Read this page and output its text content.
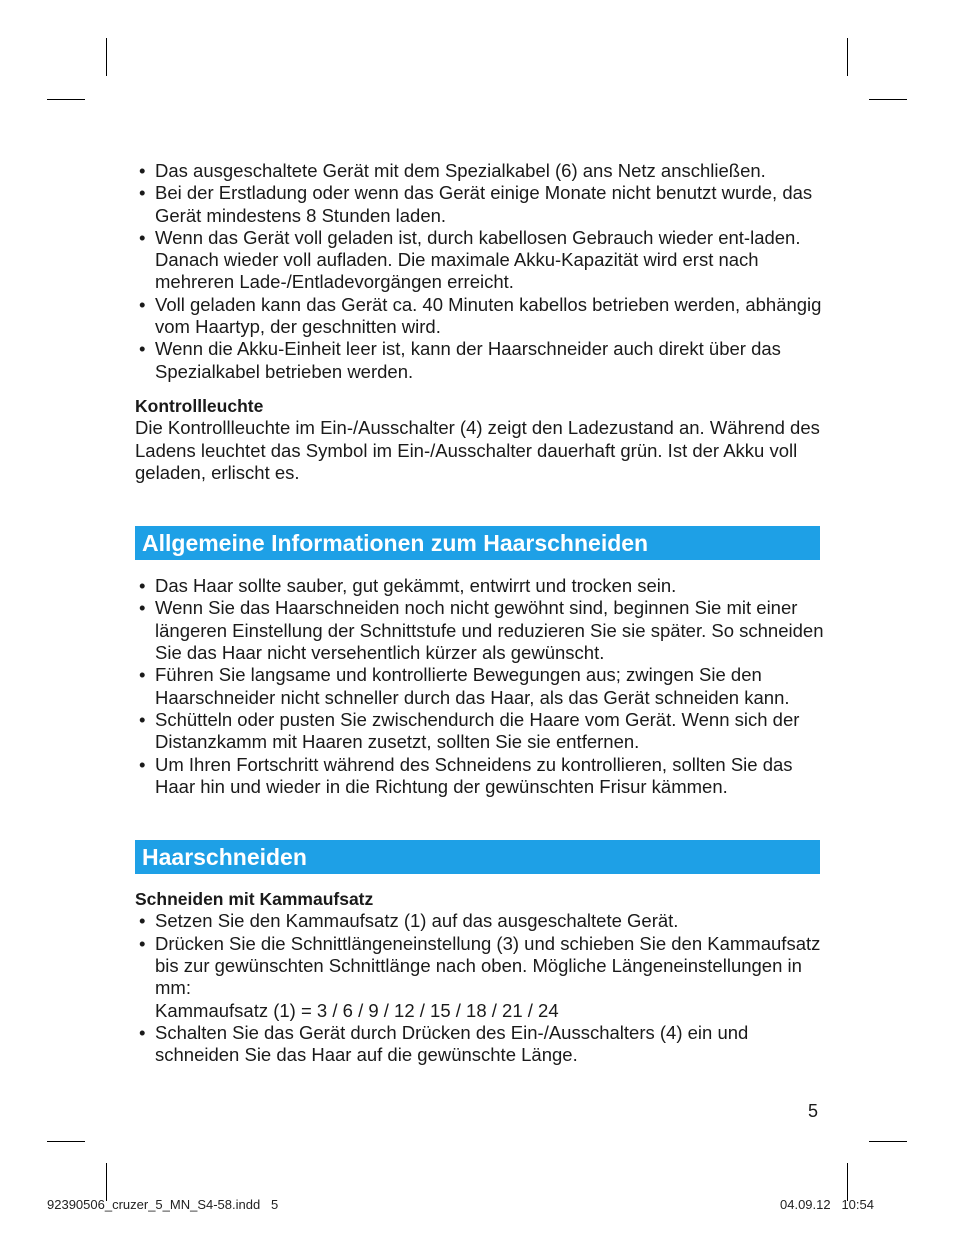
• Das ausgeschaltete Gerät mit dem Spezialkabel (6) ans Netz anschließen.
• Bei der Erstladung oder wenn das Gerät einige Monate nicht benutzt wurde, das Gerät mindestens 8 Stunden laden.
• Wenn das Gerät voll geladen ist, durch kabellosen Gebrauch wieder ent-laden. Danach wieder voll aufladen. Die maximale Akku-Kapazität wird erst nach mehreren Lade-/Entladevorgängen erreicht.
• Voll geladen kann das Gerät ca. 40 Minuten kabellos betrieben werden, abhängig vom Haartyp, der geschnitten wird.
• Wenn die Akku-Einheit leer ist, kann der Haarschneider auch direkt über das Spezialkabel betrieben werden.
Kontrollleuchte

Die Kontrollleuchte im Ein-/Ausschalter (4) zeigt den Ladezustand an. Während des Ladens leuchtet das Symbol im Ein-/Ausschalter dauerhaft grün. Ist der Akku voll geladen, erlischt es.

Allgemeine Informationen zum Haarschneiden
• Das Haar sollte sauber, gut gekämmt, entwirrt und trocken sein.
• Wenn Sie das Haarschneiden noch nicht gewöhnt sind, beginnen Sie mit einer längeren Einstellung der Schnittstufe und reduzieren Sie sie später. So schneiden Sie das Haar nicht versehentlich kürzer als gewünscht.
• Führen Sie langsame und kontrollierte Bewegungen aus; zwingen Sie den Haarschneider nicht schneller durch das Haar, als das Gerät schneiden kann.
• Schütteln oder pusten Sie zwischendurch die Haare vom Gerät. Wenn sich der Distanzkamm mit Haaren zusetzt, sollten Sie sie entfernen.
• Um Ihren Fortschritt während des Schneidens zu kontrollieren, sollten Sie das Haar hin und wieder in die Richtung der gewünschten Frisur kämmen.
Haarschneiden
Schneiden mit Kammaufsatz
• Setzen Sie den Kammaufsatz (1) auf das ausgeschaltete Gerät.
• Drücken Sie die Schnittlängeneinstellung (3) und schieben Sie den Kammaufsatz bis zur gewünschten Schnittlänge nach oben. Mögliche Längeneinstellungen in mm:
Kammaufsatz (1) = 3 / 6 / 9 / 12 / 15 / 18 / 21 / 24
• Schalten Sie das Gerät durch Drücken des Ein-/Ausschalters (4) ein und schneiden Sie das Haar auf die gewünschte Länge.
5
92390506_cruzer_5_MN_S4-58.indd   5	04.09.12   10:54
